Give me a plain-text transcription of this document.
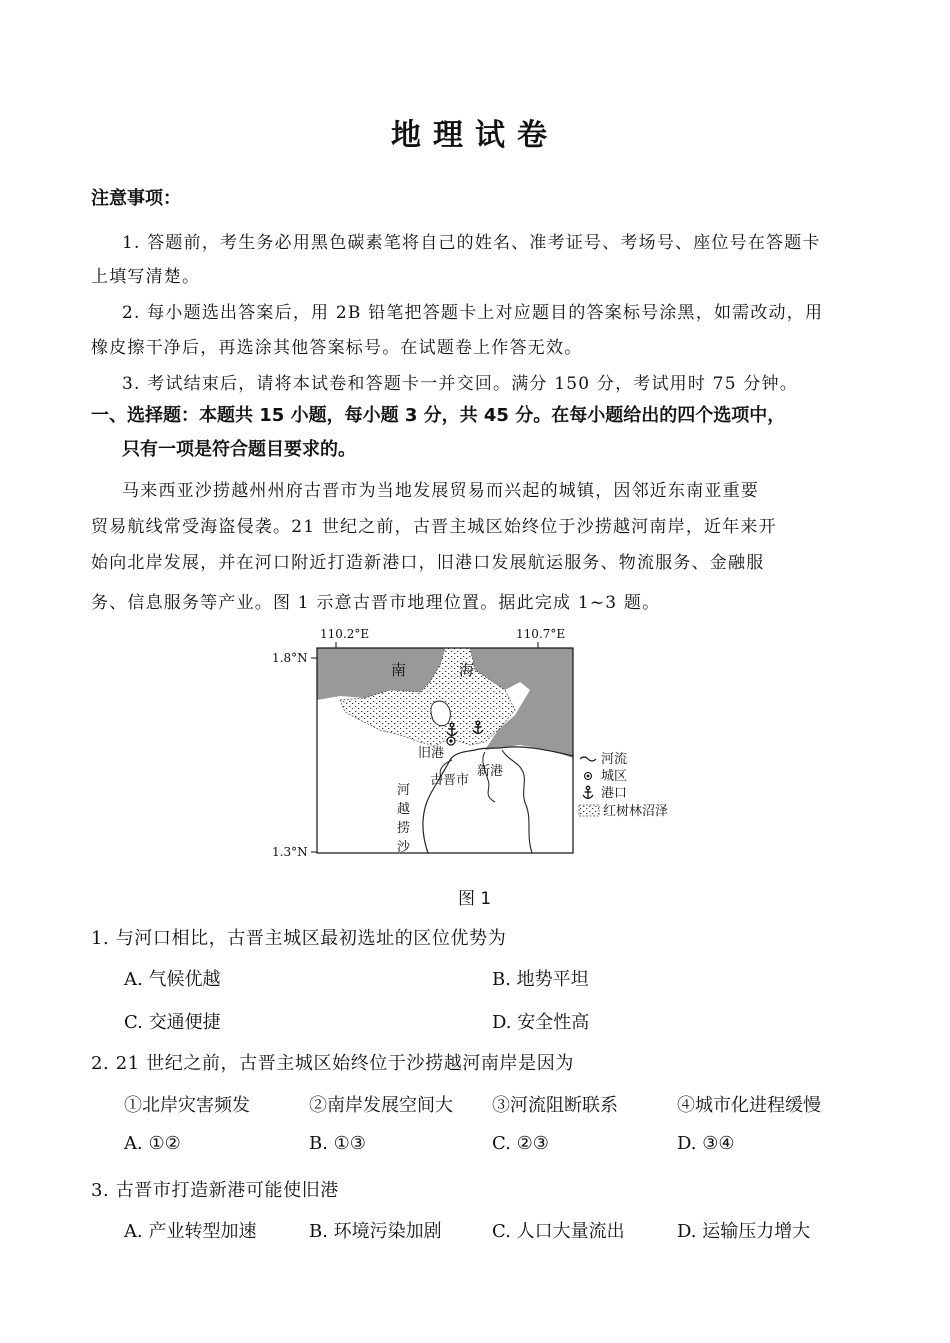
地理试卷
注意事项：
1. 答题前，考生务必用黑色碳素笔将自己的姓名、准考证号、考场号、座位号在答题卡
上填写清楚。
2. 每小题选出答案后，用 2B 铅笔把答题卡上对应题目的答案标号涂黑，如需改动，用
橡皮擦干净后，再选涂其他答案标号。在试题卷上作答无效。
3. 考试结束后，请将本试卷和答题卡一并交回。满分 150 分，考试用时 75 分钟。
一、选择题：本题共 15 小题，每小题 3 分，共 45 分。在每小题给出的四个选项中，
只有一项是符合题目要求的。
马来西亚沙捞越州州府古晋市为当地发展贸易而兴起的城镇，因邻近东南亚重要
贸易航线常受海盗侵袭。21 世纪之前，古晋主城区始终位于沙捞越河南岸，近年来开
始向北岸发展，并在河口附近打造新港口，旧港口发展航运服务、物流服务、金融服
务、信息服务等产业。图 1 示意古晋市地理位置。据此完成 1~3 题。
110.2°E	110.7°E
1.8°N
1.3°N
南	海
旧港
新港
古晋市
河
越
捞
沙
河流
城区
港口
红树林沼泽
图 1
1. 与河口相比，古晋主城区最初选址的区位优势为
A. 气候优越	B. 地势平坦
C. 交通便捷	D. 安全性高
2. 21 世纪之前，古晋主城区始终位于沙捞越河南岸是因为
①北岸灾害频发	②南岸发展空间大 ③河流阻断联系	④城市化进程缓慢
A. ①②	B. ①③	C. ②③	D. ③④
3. 古晋市打造新港可能使旧港
A. 产业转型加速	B. 环境污染加剧	C. 人口大量流出	D. 运输压力增大
